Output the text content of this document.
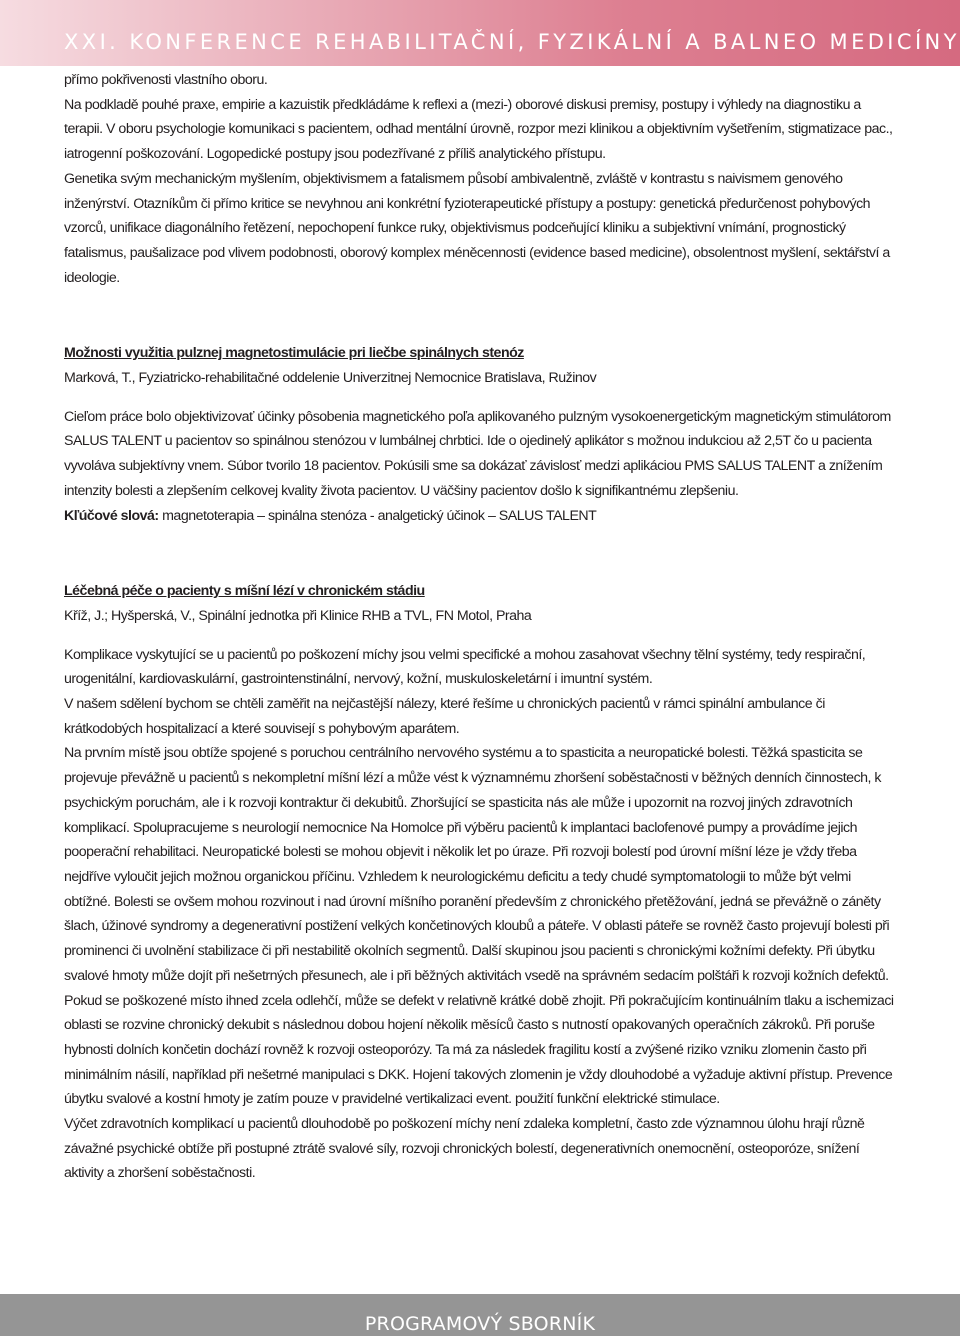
XXI. KONFERENCE REHABILITAČNÍ, FYZIKÁLNÍ A BALNEO MEDICÍNY

přímo pokřivenosti vlastního oboru.

Na podkladě pouhé praxe, empirie a kazuistik předkládáme k reflexi a (mezi-) oborové diskusi premisy, postupy i výhledy na diagnostiku a terapii. V oboru psychologie komunikaci s pacientem, odhad mentální úrovně, rozpor mezi klinikou a objektivním vyšetřením, stigmatizace pac., iatrogenní poškozování. Logopedické postupy jsou podezřívané z příliš analytického přístupu.

Genetika svým mechanickým myšlením, objektivismem a fatalismem působí ambivalentně, zvláště v kontrastu s naivismem genového inženýrství. Otazníkům či přímo kritice se nevyhnou ani konkrétní fyzioterapeutické přístupy a postupy: genetická předurčenost pohybových vzorců, unifikace diagonálního řetězení, nepochopení funkce ruky, objektivismus podceňující kliniku a subjektivní vnímání, prognostický fatalismus, paušalizace pod vlivem podobnosti, oborový komplex méněcennosti (evidence based medicine), obsolentnost myšlení, sektářství a ideologie.

Možnosti využitia pulznej magnetostimulácie pri liečbe spinálnych stenóz

Marková, T., Fyziatricko-rehabilitačné oddelenie Univerzitnej Nemocnice Bratislava, Ružinov

Cieľom práce bolo objektivizovať účinky pôsobenia magnetického poľa aplikovaného pulzným vysokoenergetickým magnetickým stimulátorom SALUS TALENT u pacientov so spinálnou stenózou v lumbálnej chrbtici. Ide o ojedinelý aplikátor s možnou indukciou až 2,5T čo u pacienta vyvoláva subjektívny vnem. Súbor tvorilo 18 pacientov. Pokúsili sme sa dokázať závislosť medzi aplikáciou PMS SALUS TALENT a znížením intenzity bolesti a zlepšením celkovej kvality života pacientov. U väčšiny pacientov došlo k signifikantnému zlepšeniu.

Kľúčové slová: magnetoterapia – spinálna stenóza - analgetický účinok – SALUS TALENT

Léčebná péče o pacienty s míšní lézí v chronickém stádiu

Kříž, J.; Hyšperská, V., Spinální jednotka při Klinice RHB a TVL, FN Motol, Praha

Komplikace vyskytující se u pacientů po poškození míchy jsou velmi specifické a mohou zasahovat všechny tělní systémy, tedy respirační, urogenitální, kardiovaskulární, gastrointenstinální, nervový, kožní, muskuloskeletární i imuntní systém.

V našem sdělení bychom se chtěli zaměřit na nejčastější nálezy, které řešíme u chronických pacientů v rámci spinální ambulance či krátkodobých hospitalizací a které souvisejí s pohybovým aparátem.

Na prvním místě jsou obtíže spojené s poruchou centrálního nervového systému a to spasticita a neuropatické bolesti. Těžká spasticita se projevuje převážně u pacientů s nekompletní míšní lézí a může vést k významnému zhoršení soběstačnosti v běžných denních činnostech, k psychickým poruchám, ale i k rozvoji kontraktur či dekubitů. Zhoršující se spasticita nás ale může i upozornit na rozvoj jiných zdravotních komplikací. Spolupracujeme s neurologií nemocnice Na Homolce při výběru pacientů k implantaci baclofenové pumpy a provádíme jejich pooperační rehabilitaci. Neuropatické bolesti se mohou objevit i několik let po úraze. Při rozvoji bolestí pod úrovní míšní léze je vždy třeba nejdříve vyloučit jejich možnou organickou příčinu. Vzhledem k neurologickému deficitu a tedy chudé symptomatologii to může být velmi obtížné. Bolesti se ovšem mohou rozvinout i nad úrovní míšního poranění především z chronického přetěžování, jedná se převážně o záněty šlach, úžinové syndromy a degenerativní postižení velkých končetinových kloubů a páteře. V oblasti páteře se rovněž často projevují bolesti při prominenci či uvolnění stabilizace či při nestabilitě okolních segmentů. Další skupinou jsou pacienti s chronickými kožními defekty. Při úbytku svalové hmoty může dojít při nešetrných přesunech, ale i při běžných aktivitách vsedě na správném sedacím polštáři k rozvoji kožních defektů. Pokud se poškozené místo ihned zcela odlehčí, může se defekt v relativně krátké době zhojit. Při pokračujícím kontinuálním tlaku a ischemizaci oblasti se rozvine chronický dekubit s následnou dobou hojení několik měsíců často s nutností opakovaných operačních zákroků. Při poruše hybnosti dolních končetin dochází rovněž k rozvoji osteoporózy. Ta má za následek fragilitu kostí a zvýšené riziko vzniku zlomenin často při minimálním násilí, například při nešetrné manipulaci s DKK. Hojení takových zlomenin je vždy dlouhodobé a vyžaduje aktivní přístup. Prevence úbytku svalové a kostní hmoty je zatím pouze v pravidelné vertikalizaci event. použití funkční elektrické stimulace.

Výčet zdravotních komplikací u pacientů dlouhodobě po poškození míchy není zdaleka kompletní, často zde významnou úlohu hrají různě závažné psychické obtíže při postupné ztrátě svalové síly, rozvoji chronických bolestí, degenerativních onemocnění, osteoporóze, snížení aktivity a zhoršení soběstačnosti.

PROGRAMOVÝ SBORNÍK
